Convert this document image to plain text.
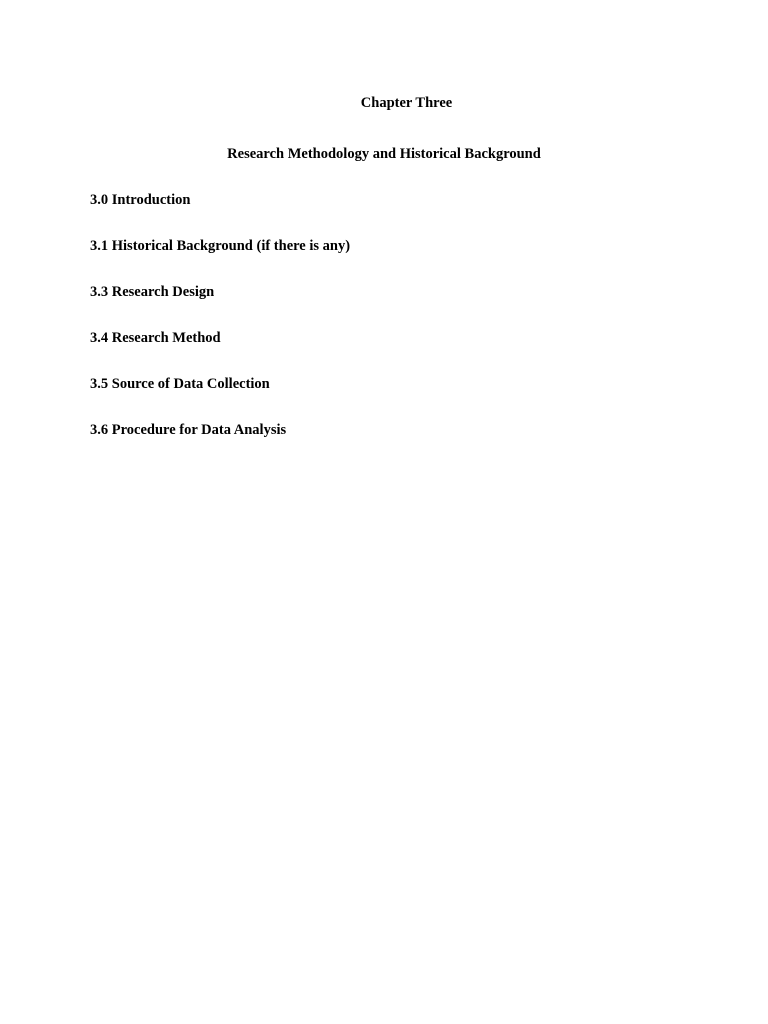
Chapter Three
Research Methodology and Historical Background
3.0 Introduction
3.1 Historical Background (if there is any)
3.3 Research Design
3.4 Research Method
3.5 Source of Data Collection
3.6 Procedure for Data Analysis
